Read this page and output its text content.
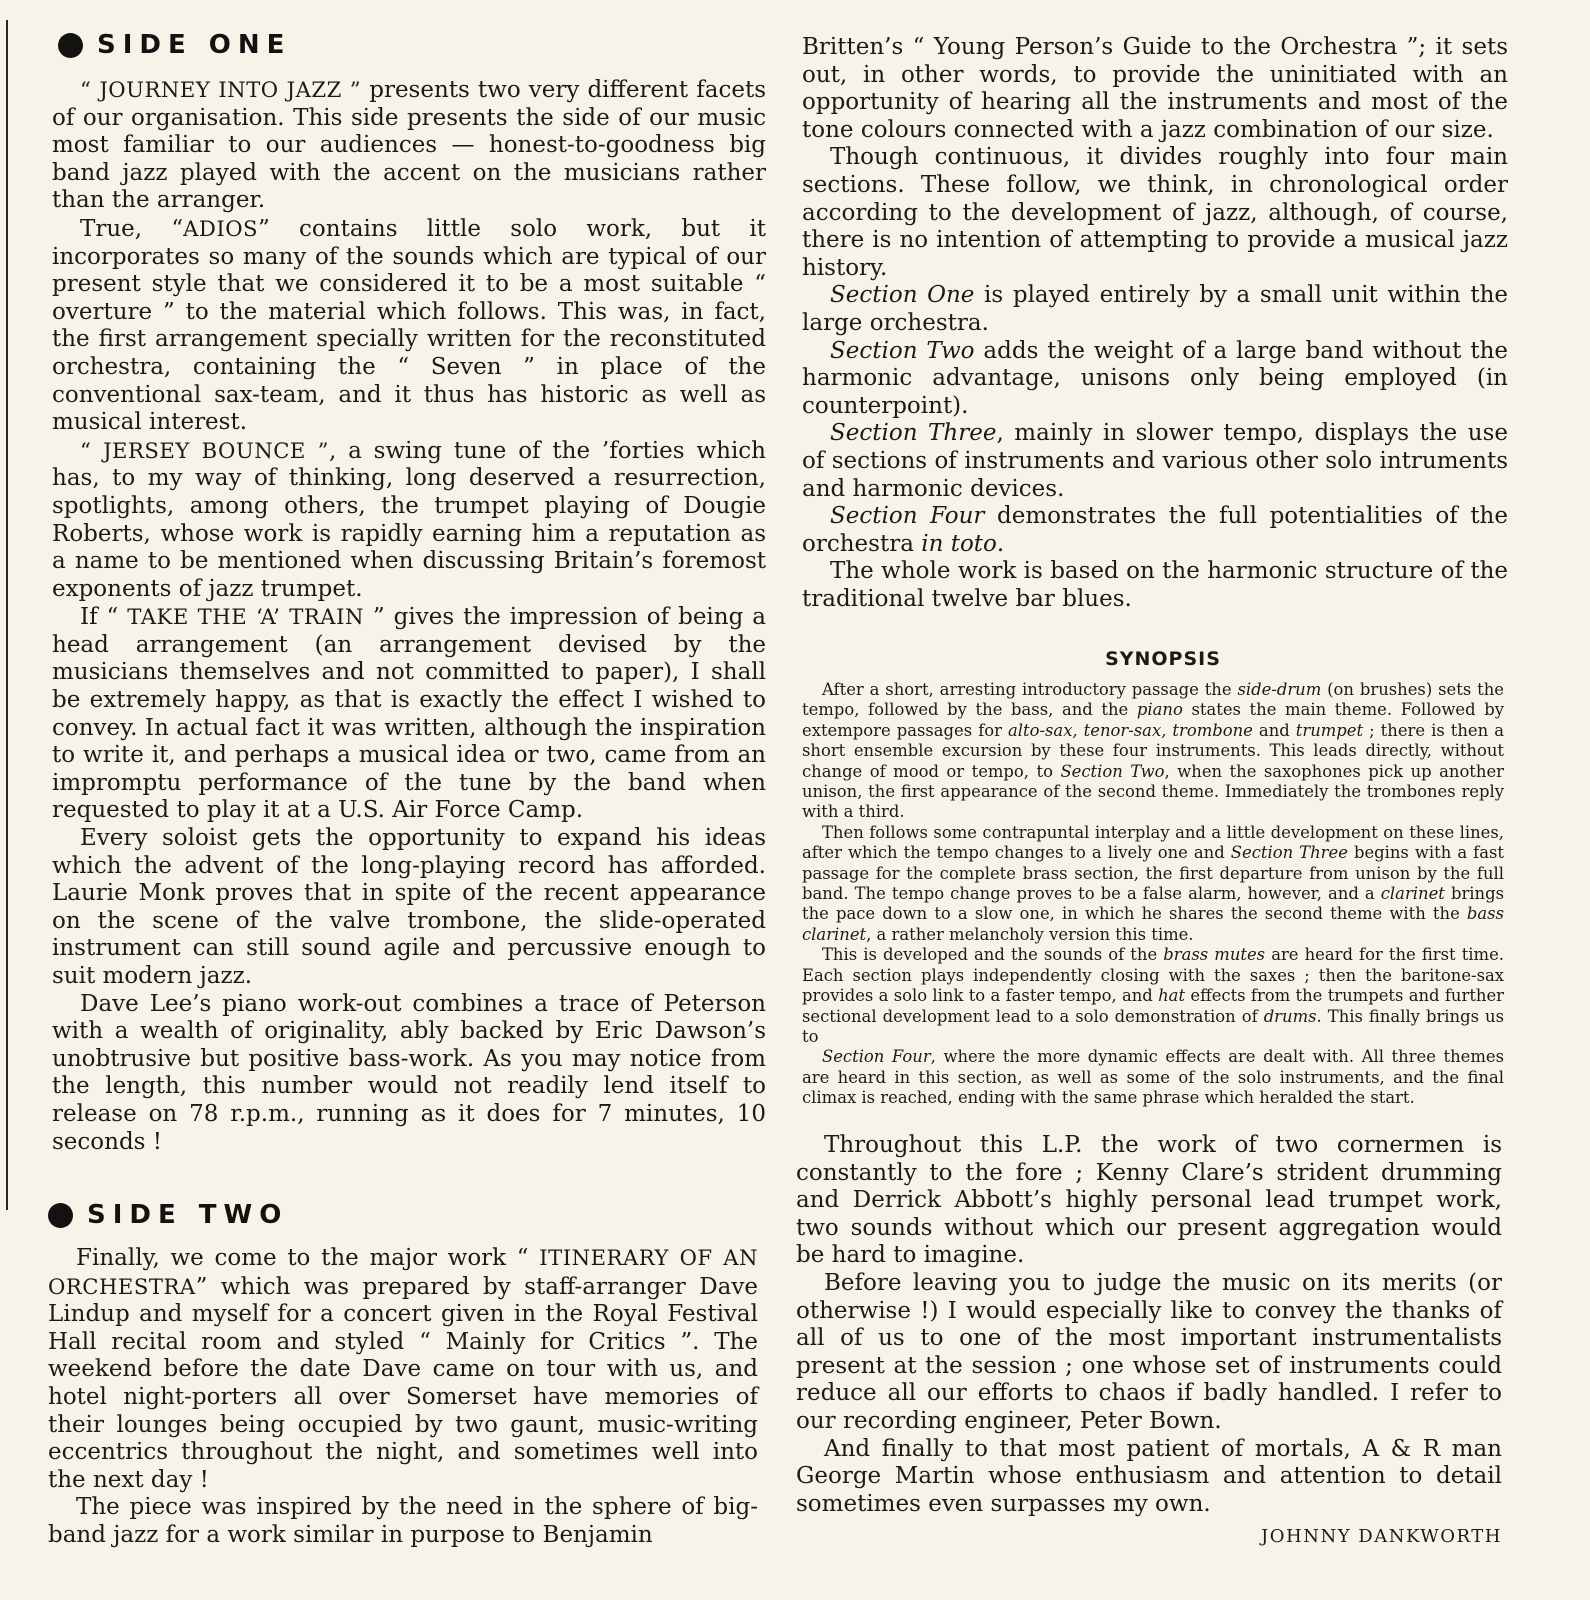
SIDE ONE

“ JOURNEY INTO JAZZ ” presents two very different facets of our organisation. This side presents the side of our music most familiar to our audiences — honest-to-goodness big band jazz played with the accent on the musicians rather than the arranger.

True, “ADIOS” contains little solo work, but it incorporates so many of the sounds which are typical of our present style that we considered it to be a most suitable “ overture ” to the material which follows. This was, in fact, the first arrangement specially written for the reconstituted orchestra, containing the “ Seven ” in place of the conventional sax-team, and it thus has historic as well as musical interest.

“ JERSEY BOUNCE ”, a swing tune of the ’forties which has, to my way of thinking, long deserved a resurrection, spotlights, among others, the trumpet playing of Dougie Roberts, whose work is rapidly earning him a reputation as a name to be mentioned when discussing Britain’s foremost exponents of jazz trumpet.

If “ TAKE THE ‘A’ TRAIN ” gives the impression of being a head arrangement (an arrangement devised by the musicians themselves and not committed to paper), I shall be extremely happy, as that is exactly the effect I wished to convey. In actual fact it was written, although the inspiration to write it, and perhaps a musical idea or two, came from an impromptu performance of the tune by the band when requested to play it at a U.S. Air Force Camp.

Every soloist gets the opportunity to expand his ideas which the advent of the long-playing record has afforded. Laurie Monk proves that in spite of the recent appearance on the scene of the valve trombone, the slide-operated instrument can still sound agile and percussive enough to suit modern jazz.

Dave Lee’s piano work-out combines a trace of Peterson with a wealth of originality, ably backed by Eric Dawson’s unobtrusive but positive bass-work. As you may notice from the length, this number would not readily lend itself to release on 78 r.p.m., running as it does for 7 minutes, 10 seconds !

SIDE TWO

Finally, we come to the major work “ ITINERARY OF AN ORCHESTRA” which was prepared by staff-arranger Dave Lindup and myself for a concert given in the Royal Festival Hall recital room and styled “ Mainly for Critics ”. The weekend before the date Dave came on tour with us, and hotel night-porters all over Somerset have memories of their lounges being occupied by two gaunt, music-writing eccentrics throughout the night, and sometimes well into the next day !

The piece was inspired by the need in the sphere of big-band jazz for a work similar in purpose to Benjamin

Britten’s “ Young Person’s Guide to the Orchestra ”; it sets out, in other words, to provide the uninitiated with an opportunity of hearing all the instruments and most of the tone colours connected with a jazz combination of our size.

Though continuous, it divides roughly into four main sections. These follow, we think, in chronological order according to the development of jazz, although, of course, there is no intention of attempting to provide a musical jazz history.

Section One is played entirely by a small unit within the large orchestra.

Section Two adds the weight of a large band without the harmonic advantage, unisons only being employed (in counterpoint).

Section Three, mainly in slower tempo, displays the use of sections of instruments and various other solo intruments and harmonic devices.

Section Four demonstrates the full potentialities of the orchestra in toto.

The whole work is based on the harmonic structure of the traditional twelve bar blues.

SYNOPSIS

After a short, arresting introductory passage the side-drum (on brushes) sets the tempo, followed by the bass, and the piano states the main theme. Followed by extempore passages for alto-sax, tenor-sax, trombone and trumpet ; there is then a short ensemble excursion by these four instruments. This leads directly, without change of mood or tempo, to Section Two, when the saxophones pick up another unison, the first appearance of the second theme. Immediately the trombones reply with a third.

Then follows some contrapuntal interplay and a little development on these lines, after which the tempo changes to a lively one and Section Three begins with a fast passage for the complete brass section, the first departure from unison by the full band. The tempo change proves to be a false alarm, however, and a clarinet brings the pace down to a slow one, in which he shares the second theme with the bass clarinet, a rather melancholy version this time.

This is developed and the sounds of the brass mutes are heard for the first time. Each section plays independently closing with the saxes ; then the baritone-sax provides a solo link to a faster tempo, and hat effects from the trumpets and further sectional development lead to a solo demonstration of drums. This finally brings us to

Section Four, where the more dynamic effects are dealt with. All three themes are heard in this section, as well as some of the solo instruments, and the final climax is reached, ending with the same phrase which heralded the start.

Throughout this L.P. the work of two cornermen is constantly to the fore ; Kenny Clare’s strident drumming and Derrick Abbott’s highly personal lead trumpet work, two sounds without which our present aggregation would be hard to imagine.

Before leaving you to judge the music on its merits (or otherwise !) I would especially like to convey the thanks of all of us to one of the most important instrumentalists present at the session ; one whose set of instruments could reduce all our efforts to chaos if badly handled. I refer to our recording engineer, Peter Bown.

And finally to that most patient of mortals, A & R man George Martin whose enthusiasm and attention to detail sometimes even surpasses my own.

JOHNNY DANKWORTH
